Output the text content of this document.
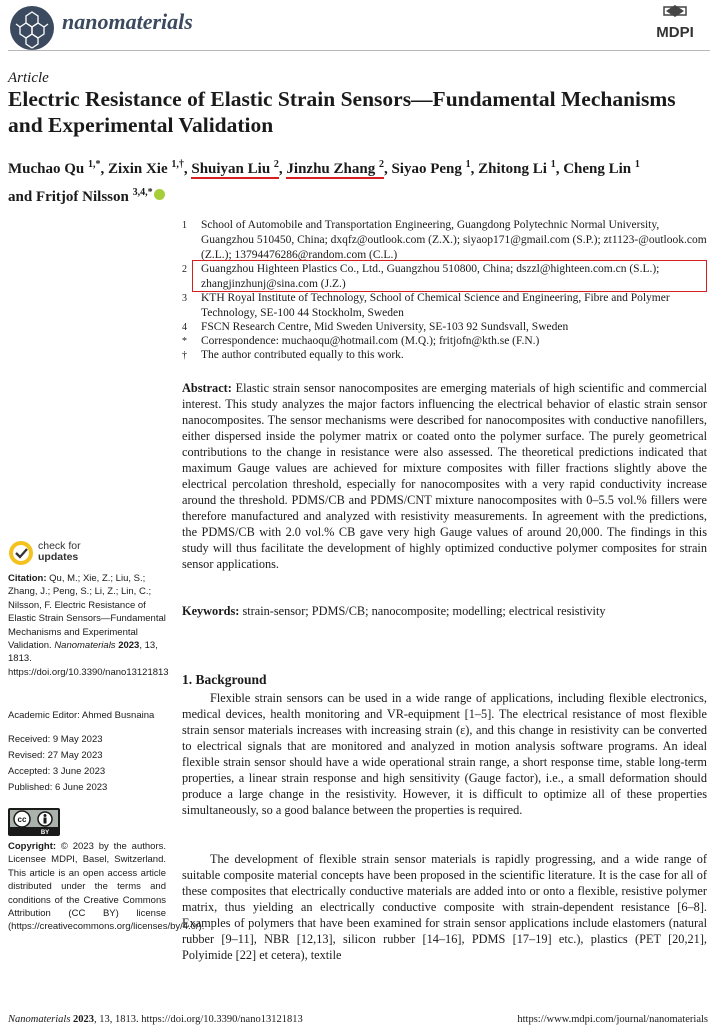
nanomaterials	MDPI
Article
Electric Resistance of Elastic Strain Sensors—Fundamental Mechanisms and Experimental Validation
Muchao Qu $^{1,*}$, Zixin Xie $^{1,\dagger}$, Shuiyan Liu $^2$, Jinzhu Zhang $^2$, Siyao Peng $^1$, Zhitong Li $^1$, Cheng Lin $^1$
and Fritjof Nilsson $^{3,4,*}$
1 School of Automobile and Transportation Engineering, Guangdong Polytechnic Normal University, Guangzhou 510450, China; dxqfz@outlook.com (Z.X.); siyaop171@gmail.com (S.P.); zt1123-@outlook.com (Z.L.); 13794476286@random.com (C.L.)
2 Guangzhou Highteen Plastics Co., Ltd., Guangzhou 510800, China; dszzl@highteen.com.cn (S.L.); zhangjinzhunj@sina.com (J.Z.)
3 KTH Royal Institute of Technology, School of Chemical Science and Engineering, Fibre and Polymer Technology, SE-100 44 Stockholm, Sweden
4 FSCN Research Centre, Mid Sweden University, SE-103 92 Sundsvall, Sweden
* Correspondence: muchaoqu@hotmail.com (M.Q.); fritjofn@kth.se (F.N.)
† The author contributed equally to this work.
Abstract: Elastic strain sensor nanocomposites are emerging materials of high scientific and commercial interest. This study analyzes the major factors influencing the electrical behavior of elastic strain sensor nanocomposites. The sensor mechanisms were described for nanocomposites with conductive nanofillers, either dispersed inside the polymer matrix or coated onto the polymer surface. The purely geometrical contributions to the change in resistance were also assessed. The theoretical predictions indicated that maximum Gauge values are achieved for mixture composites with filler fractions slightly above the electrical percolation threshold, especially for nanocomposites with a very rapid conductivity increase around the threshold. PDMS/CB and PDMS/CNT mixture nanocomposites with 0–5.5 vol.% fillers were therefore manufactured and analyzed with resistivity measurements. In agreement with the predictions, the PDMS/CB with 2.0 vol.% CB gave very high Gauge values of around 20,000. The findings in this study will thus facilitate the development of highly optimized conductive polymer composites for strain sensor applications.
Keywords: strain-sensor; PDMS/CB; nanocomposite; modelling; electrical resistivity
check for
updates
Citation: Qu, M.; Xie, Z.; Liu, S.; Zhang, J.; Peng, S.; Li, Z.; Lin, C.; Nilsson, F. Electric Resistance of Elastic Strain Sensors—Fundamental Mechanisms and Experimental Validation. Nanomaterials 2023, 13, 1813. https://doi.org/10.3390/nano13121813
Academic Editor: Ahmed Busnaina
Received: 9 May 2023
Revised: 27 May 2023
Accepted: 3 June 2023
Published: 6 June 2023
cc
BY
Copyright: © 2023 by the authors. Licensee MDPI, Basel, Switzerland. This article is an open access article distributed under the terms and conditions of the Creative Commons Attribution (CC BY) license (https://creativecommons.org/licenses/by/4.0/).
1. Background
Flexible strain sensors can be used in a wide range of applications, including flexible electronics, medical devices, health monitoring and VR-equipment [1–5]. The electrical resistance of most flexible strain sensor materials increases with increasing strain (ε), and this change in resistivity can be converted to electrical signals that are monitored and analyzed in motion analysis software programs. An ideal flexible strain sensor should have a wide operational strain range, a short response time, stable long-term properties, a linear strain response and high sensitivity (Gauge factor), i.e., a small deformation should produce a large change in the resistivity. However, it is difficult to optimize all of these properties simultaneously, so a good balance between the properties is required.
The development of flexible strain sensor materials is rapidly progressing, and a wide range of suitable composite material concepts have been proposed in the scientific literature. It is the case for all of these composites that electrically conductive materials are added into or onto a flexible, resistive polymer matrix, thus yielding an electrically conductive composite with strain-dependent resistance [6–8]. Examples of polymers that have been examined for strain sensor applications include elastomers (natural rubber [9–11], NBR [12,13], silicon rubber [14–16], PDMS [17–19] etc.), plastics (PET [20,21], Polyimide [22] et cetera), textile
Nanomaterials 2023, 13, 1813. https://doi.org/10.3390/nano13121813	https://www.mdpi.com/journal/nanomaterials
